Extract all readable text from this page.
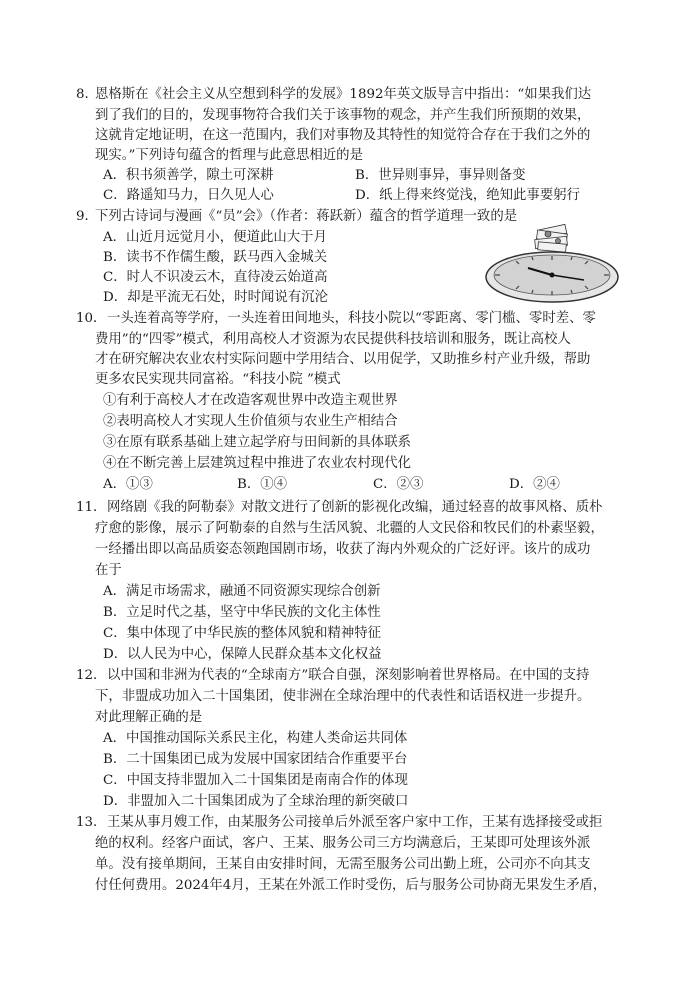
8．
恩格斯在《社会主义从空想到科学的发展》1892年英文版导言中指出：“如果我们达
到了我们的目的，发现事物符合我们关于该事物的观念，并产生我们所预期的效果，
这就肯定地证明，在这一范围内，我们对事物及其特性的知觉符合存在于我们之外的
现实。”下列诗句蕴含的哲理与此意思相近的是
A．积书须善学，隙土可深耕	B．世异则事异，事异则备变
C．路遥知马力，日久见人心	D．纸上得来终觉浅，绝知此事要躬行
9．
下列古诗词与漫画《“员”会》（作者：蒋跃新）蕴含的哲学道理一致的是
A．山近月远觉月小，便道此山大于月
B．读书不作儒生酸，跃马西入金城关
C．时人不识凌云木，直待凌云始道高
D．却是平流无石处，时时闻说有沉沦
10． 一头连着高等学府，一头连着田间地头，科技小院以“零距离、零门槛、零时差、零
费用”的“四零”模式，利用高校人才资源为农民提供科技培训和服务，既让高校人
才在研究解决农业农村实际问题中学用结合、以用促学，又助推乡村产业升级，帮助
更多农民实现共同富裕。“科技小院 ”模式
①有利于高校人才在改造客观世界中改造主观世界
②表明高校人才实现人生价值须与农业生产相结合
③在原有联系基础上建立起学府与田间新的具体联系
④在不断完善上层建筑过程中推进了农业农村现代化
A．①③	B．①④	C．②③	D．②④
11． 网络剧《我的阿勒泰》对散文进行了创新的影视化改编，通过轻喜的故事风格、质朴
疗愈的影像，展示了阿勒泰的自然与生活风貌、北疆的人文民俗和牧民们的朴素坚毅，
一经播出即以高品质姿态领跑国剧市场，收获了海内外观众的广泛好评。该片的成功
在于
A．满足市场需求，融通不同资源实现综合创新
B．立足时代之基，坚守中华民族的文化主体性
C．集中体现了中华民族的整体风貌和精神特征
D．以人民为中心，保障人民群众基本文化权益
12． 以中国和非洲为代表的“全球南方”联合自强，深刻影响着世界格局。在中国的支持
下，非盟成功加入二十国集团，使非洲在全球治理中的代表性和话语权进一步提升。
对此理解正确的是
A．中国推动国际关系民主化，构建人类命运共同体
B．二十国集团已成为发展中国家团结合作重要平台
C．中国支持非盟加入二十国集团是南南合作的体现
D．非盟加入二十国集团成为了全球治理的新突破口
13． 王某从事月嫂工作，由某服务公司接单后外派至客户家中工作，王某有选择接受或拒
绝的权利。经客户面试，客户、王某、服务公司三方均满意后，王某即可处理该外派
单。没有接单期间，王某自由安排时间，无需至服务公司出勤上班，公司亦不向其支
付任何费用。2024年4月，王某在外派工作时受伤，后与服务公司协商无果发生矛盾，
